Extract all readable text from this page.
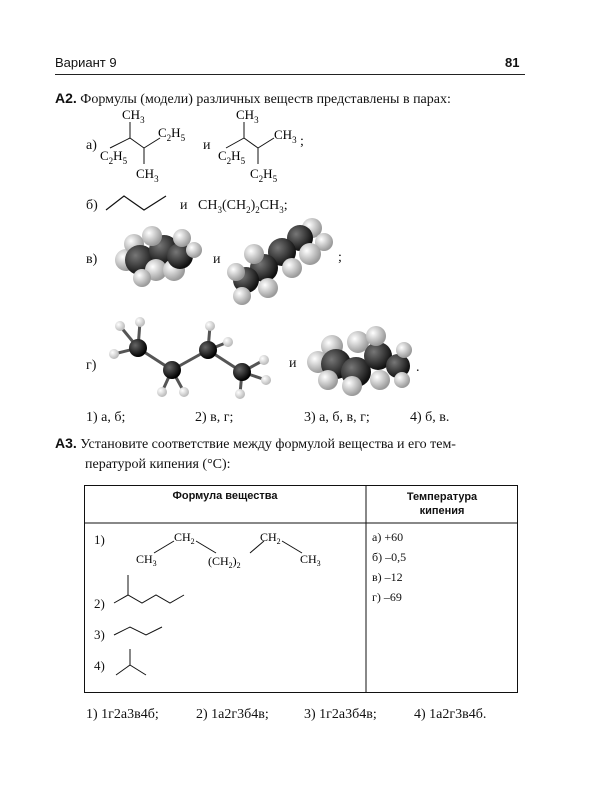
Вариант 9	81
А2. Формулы (модели) различных веществ представлены в парах:
а)
$CH_3$
$C_2H_5$
$C_2H_5$
$CH_3$
и
$CH_3$
$CH_3$
$C_2H_5$
$C_2H_5$
;
б)	и $CH_3(CH_2)_2CH_3$;
в)	и	;
г)	и	.
1) а, б;	2) в, г;	3) а, б, в, г;	4) б, в.
А3. Установите соответствие между формулой вещества и его тем-
пературой кипения (°С):
$CH_3$
$CH_2$
$(CH_2)_2$
$CH_2$
$CH_3$
Формула вещества	Температура
кипения
1)
2)
3)
4)
а) +60
б) –0,5
в) –12
г) –69
1) 1г2а3в4б;	2) 1а2г3б4в;	3) 1г2а3б4в;	4) 1а2г3в4б.
